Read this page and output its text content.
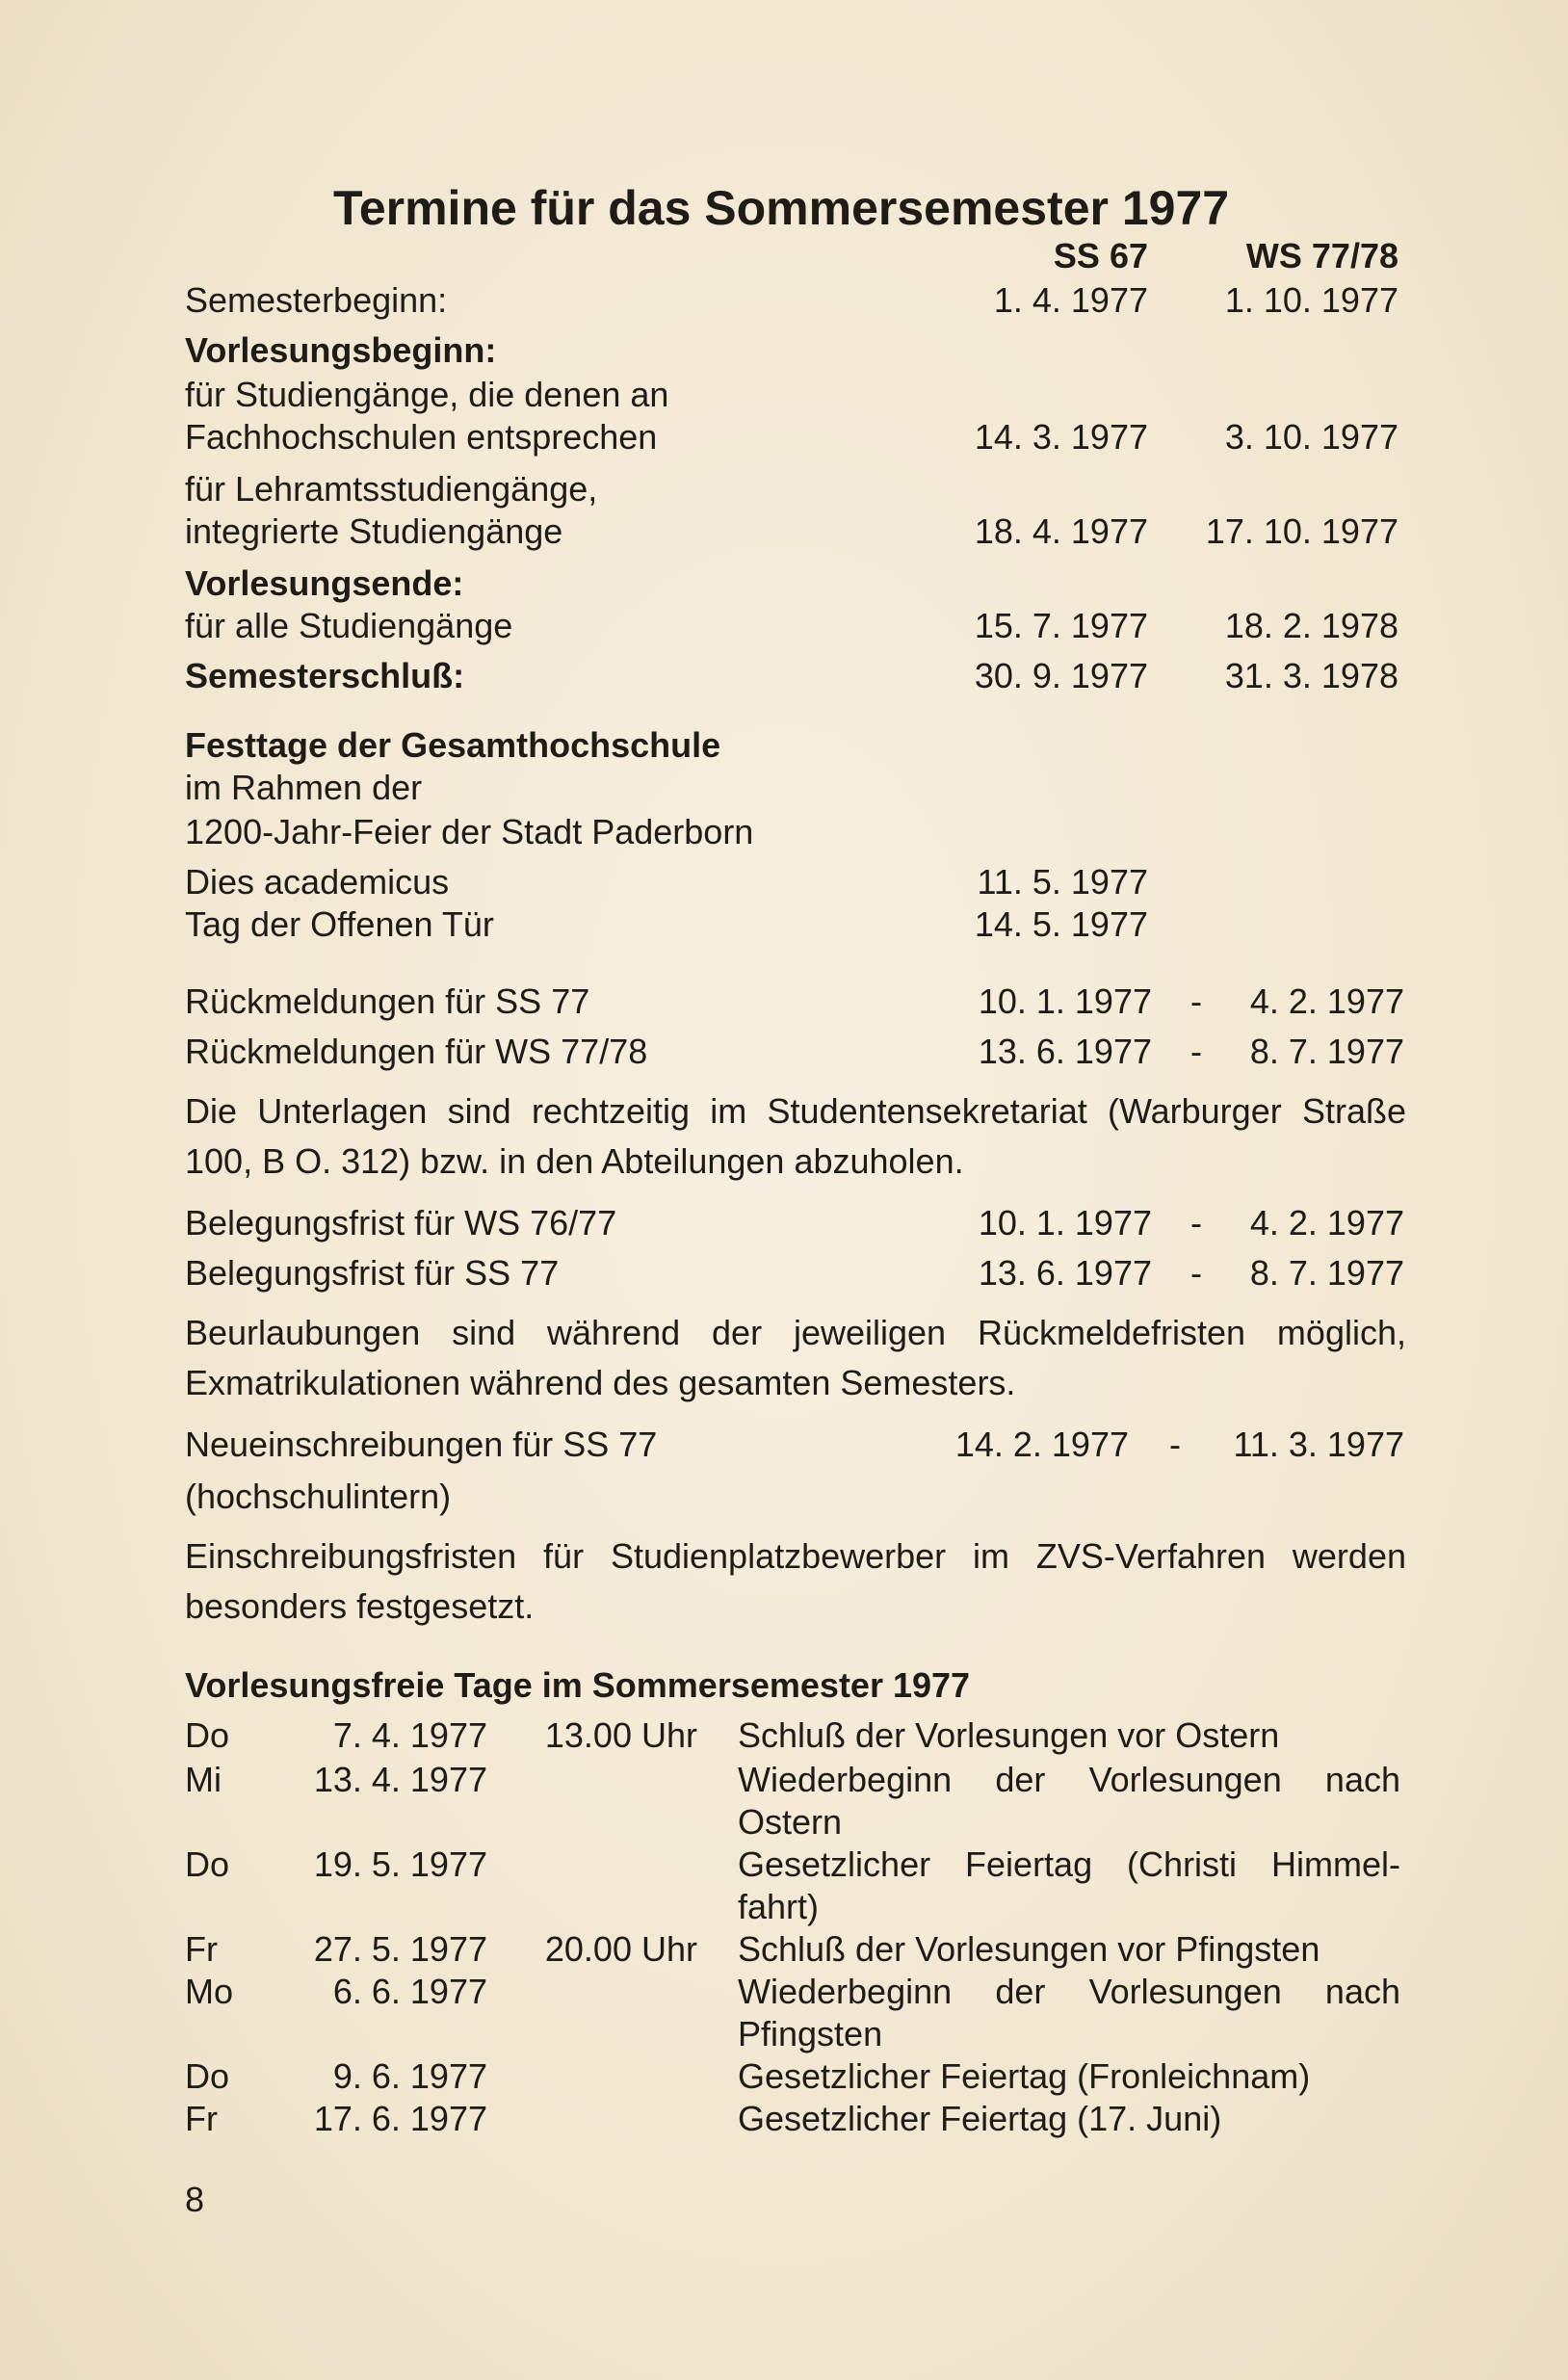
Termine für das Sommersemester 1977
SS 67	WS 77/78
Semesterbeginn:	1. 4. 1977	1. 10. 1977
Vorlesungsbeginn:
für Studiengänge, die denen an
Fachhochschulen entsprechen	14. 3. 1977	3. 10. 1977
für Lehramtsstudiengänge,
integrierte Studiengänge	18. 4. 1977	17. 10. 1977
Vorlesungsende:
für alle Studiengänge	15. 7. 1977	18. 2. 1978
Semesterschluß:	30. 9. 1977	31. 3. 1978
Festtage der Gesamthochschule
im Rahmen der
1200-Jahr-Feier der Stadt Paderborn
Dies academicus	11. 5. 1977
Tag der Offenen Tür	14. 5. 1977
Rückmeldungen für SS 77	10. 1. 1977 -	4. 2. 1977
Rückmeldungen für WS 77/78	13. 6. 1977 -	8. 7. 1977
Die Unterlagen sind rechtzeitig im Studentensekretariat (Warburger Straße 100, B O. 312) bzw. in den Abteilungen abzuholen.
Belegungsfrist für WS 76/77	10. 1. 1977 -	4. 2. 1977
Belegungsfrist für SS 77	13. 6. 1977 -	8. 7. 1977
Beurlaubungen sind während der jeweiligen Rückmeldefristen möglich, Exmatrikulationen während des gesamten Semesters.
Neueinschreibungen für SS 77	14. 2. 1977 -	11. 3. 1977
(hochschulintern)
Einschreibungsfristen für Studienplatzbewerber im ZVS-Verfahren werden besonders festgesetzt.
Vorlesungsfreie Tage im Sommersemester 1977
Do	7. 4. 1977	13.00 Uhr Schluß der Vorlesungen vor Ostern
Mi	13. 4. 1977	Wiederbeginn der Vorlesungen nach
Ostern
Do	19. 5. 1977	Gesetzlicher Feiertag (Christi Himmel-
fahrt)
Fr	27. 5. 1977	20.00 Uhr Schluß der Vorlesungen vor Pfingsten
Mo	6. 6. 1977	Wiederbeginn der Vorlesungen nach
Pfingsten
Do	9. 6. 1977	Gesetzlicher Feiertag (Fronleichnam)
Fr	17. 6. 1977	Gesetzlicher Feiertag (17. Juni)
8
